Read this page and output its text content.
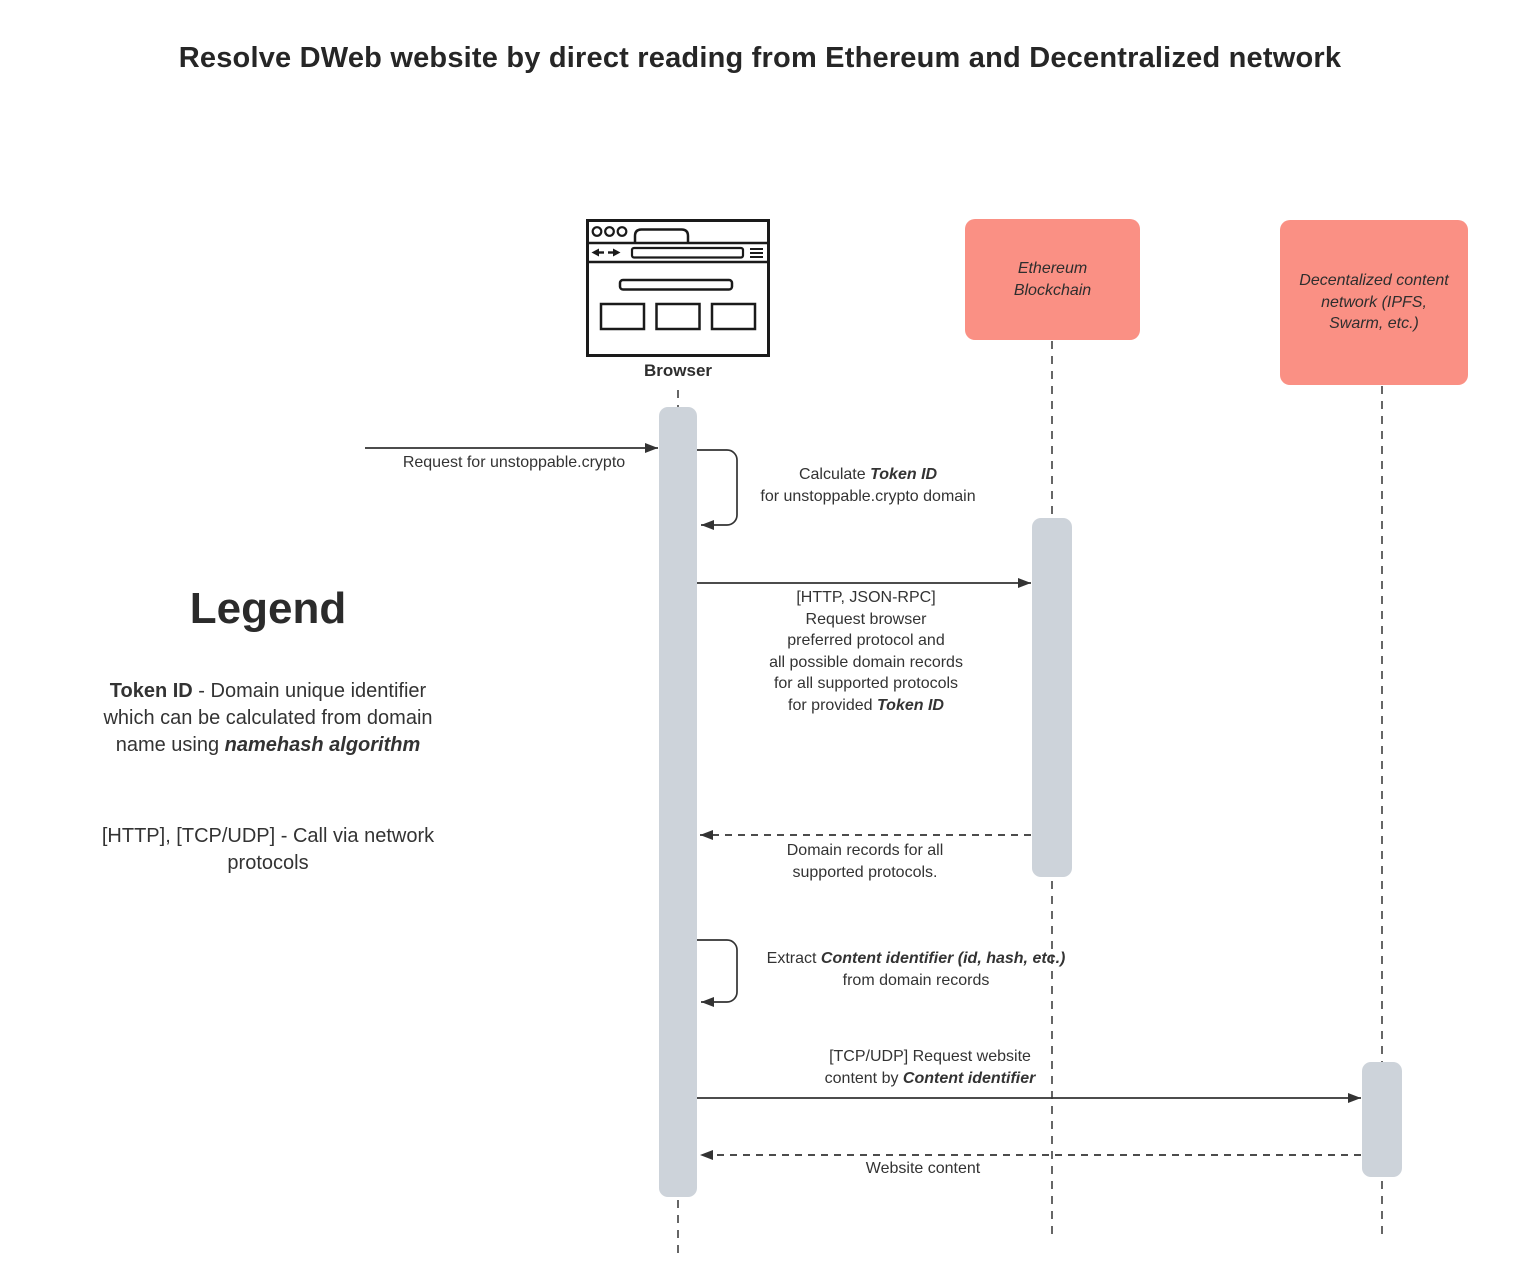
Resolve DWeb website by direct reading from Ethereum and Decentralized network
Browser
Ethereum
Blockchain
Decentalized content
network (IPFS,
Swarm, etc.)
Request for unstoppable.crypto
Calculate Token ID
for unstoppable.crypto domain
[HTTP, JSON-RPC]
Request browser
preferred protocol and
all possible domain records
for all supported protocols
for provided Token ID
Domain records for all
supported protocols.
Extract Content identifier (id, hash, etc.)
from domain records
[TCP/UDP] Request website
content by Content identifier
Website content
Legend
Token ID - Domain unique identifier
which can be calculated from domain
name using namehash algorithm
[HTTP], [TCP/UDP] - Call via network
protocols
